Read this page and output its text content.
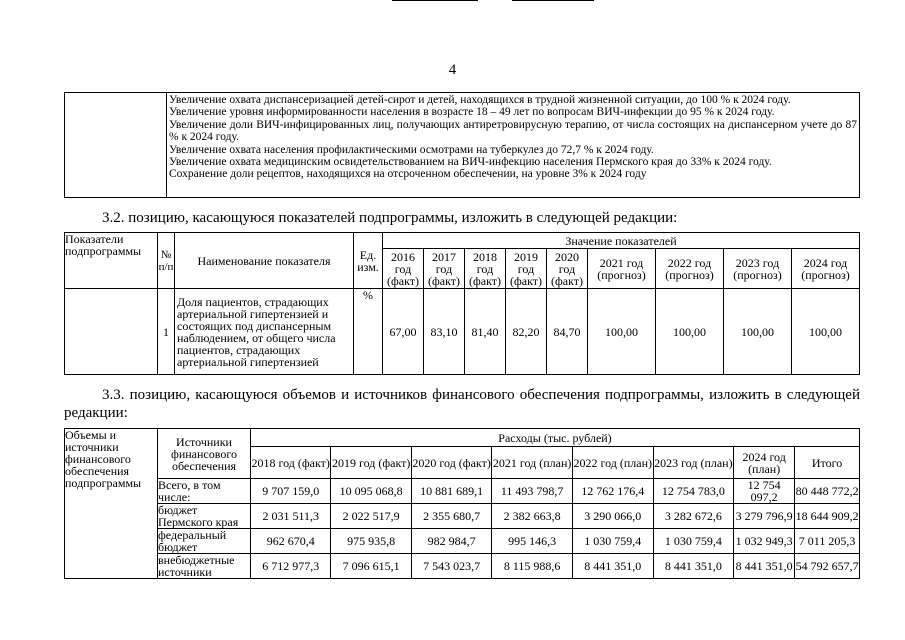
4

Увеличение охвата диспансеризацией детей-сирот и детей, находящихся в трудной жизненной ситуации, до 100 % к 2024 году.
Увеличение уровня информированности населения в возрасте 18 – 49 лет по вопросам ВИЧ-инфекции до 95 % к 2024 году.
Увеличение доли ВИЧ-инфицированных лиц, получающих антиретровирусную терапию, от числа состоящих на диспансерном учете до 87 % к 2024 году.
Увеличение охвата населения профилактическими осмотрами на туберкулез до 72,7 % к 2024 году.
Увеличение охвата медицинским освидетельствованием на ВИЧ-инфекцию населения Пермского края до 33% к 2024 году.
Сохранение доли рецептов, находящихся на отсроченном обеспечении, на уровне 3% к 2024 году
3.2. позицию, касающуюся показателей подпрограммы, изложить в следующей редакции:
Показатели подпрограммы	№ п/п	Наименование показателя	Ед. изм.	Значение показателей								
				2016 год (факт)	2017 год (факт)	2018 год (факт)	2019 год (факт)	2020 год (факт)	2021 год (прогноз)	2022 год (прогноз)	2023 год (прогноз)	2024 год (прогноз)
	1	Доля пациентов, страдающих артериальной гипертензией и состоящих под диспансерным наблюдением, от общего числа пациентов, страдающих артериальной гипертензией	%	67,00	83,10	81,40	82,20	84,70	100,00	100,00	100,00	100,00
3.3. позицию, касающуюся объемов и источников финансового обеспечения подпрограммы, изложить в следующей редакции:
Объемы и источники финансового обеспечения подпрограммы	Источники финансового обеспечения	Расходы (тыс. рублей)							
		2018 год (факт)	2019 год (факт)	2020 год (факт)	2021 год (план)	2022 год (план)	2023 год (план)	2024 год (план)	Итого
	Всего, в том числе:	9 707 159,0	10 095 068,8	10 881 689,1	11 493 798,7	12 762 176,4	12 754 783,0	12 754 097,2	80 448 772,2
	бюджет Пермского края	2 031 511,3	2 022 517,9	2 355 680,7	2 382 663,8	3 290 066,0	3 282 672,6	3 279 796,9	18 644 909,2
	федеральный бюджет	962 670,4	975 935,8	982 984,7	995 146,3	1 030 759,4	1 030 759,4	1 032 949,3	7 011 205,3
	внебюджетные источники	6 712 977,3	7 096 615,1	7 543 023,7	8 115 988,6	8 441 351,0	8 441 351,0	8 441 351,0	54 792 657,7
